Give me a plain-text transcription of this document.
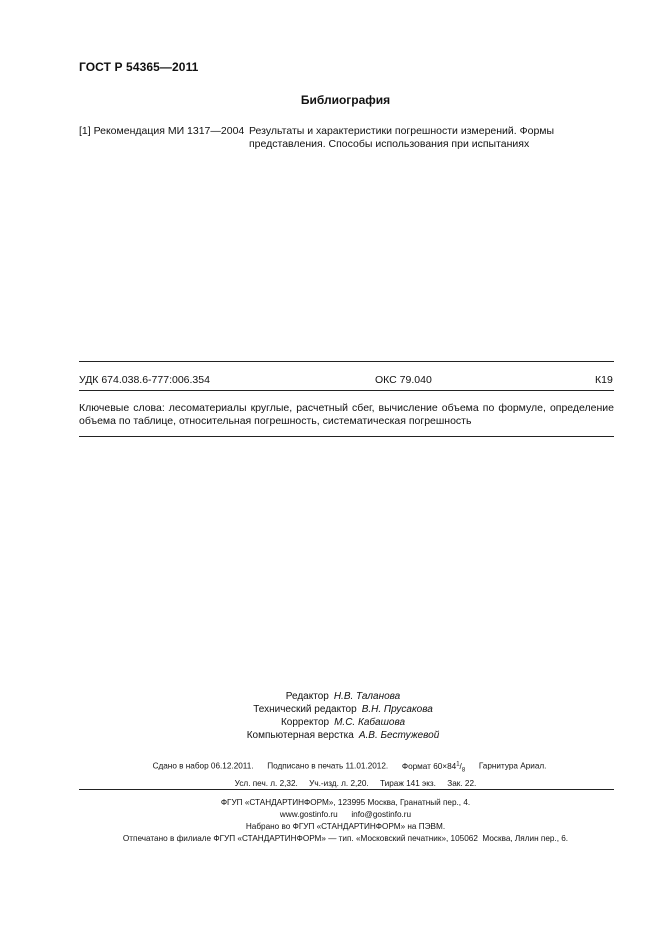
ГОСТ Р 54365—2011
Библиография
[1] Рекомендация МИ 1317—2004 Результаты и характеристики погрешности измерений. Формы представления. Способы использования при испытаниях
УДК 674.038.6-777:006.354	ОКС 79.040	К19
Ключевые слова: лесоматериалы круглые, расчетный сбег, вычисление объема по формуле, определение объема по таблице, относительная погрешность, систематическая погрешность
Редактор Н.В. Таланова
Технический редактор В.Н. Прусакова
Корректор М.С. Кабашова
Компьютерная верстка А.В. Бестужевой
Сдано в набор 06.12.2011. Подписано в печать 11.01.2012. Формат $60\times 84^1/_8$ Гарнитура Ариал.
Усл. печ. л. 2,32.     Уч.-изд. л. 2,20.     Тираж 141 экз.     Зак. 22.
ФГУП «СТАНДАРТИНФОРМ», 123995 Москва, Гранатный пер., 4.
www.gostinfo.ru      info@gostinfo.ru
Набрано во ФГУП «СТАНДАРТИНФОРМ» на ПЭВМ.
Отпечатано в филиале ФГУП «СТАНДАРТИНФОРМ» — тип. «Московский печатник», 105062  Москва, Лялин пер., 6.
